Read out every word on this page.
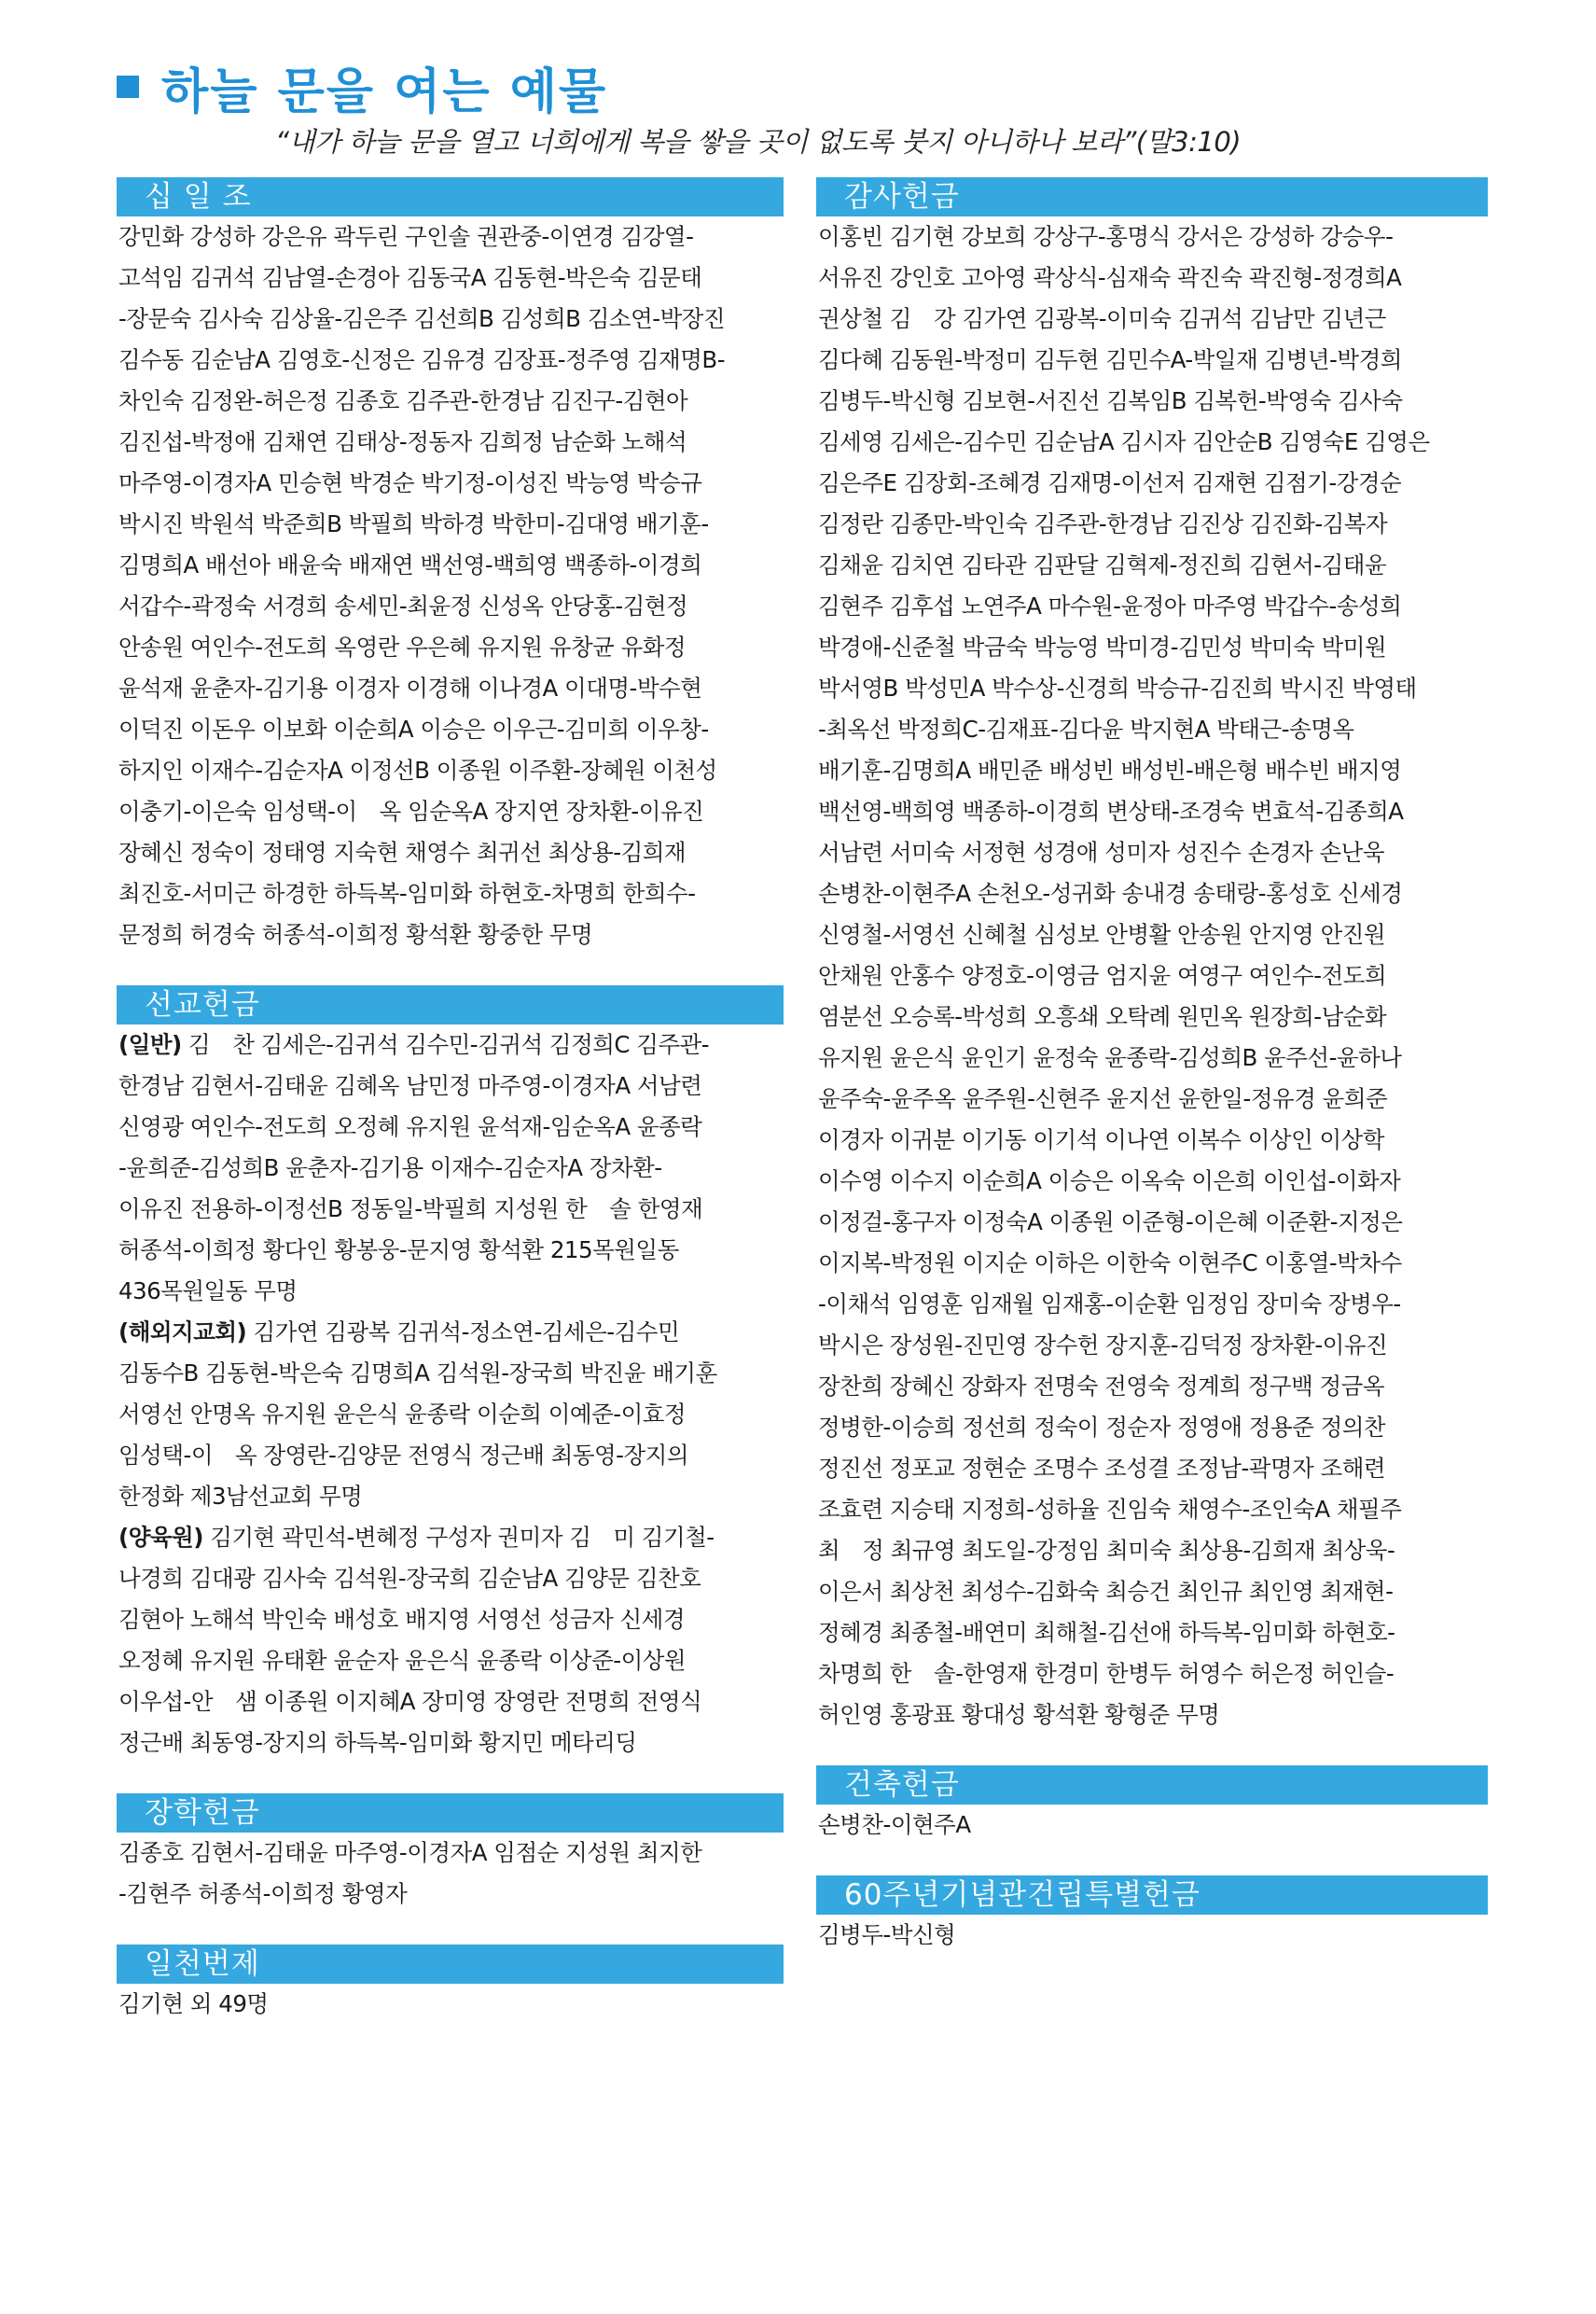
하늘 문을 여는 예물
“내가 하늘 문을 열고 너희에게 복을 쌓을 곳이 없도록 붓지 아니하나 보라”(말3:10)
십 일 조
강민화 강성하 강은유 곽두린 구인솔 권관중-이연경 김강열-
고석임 김귀석 김남열-손경아 김동국A 김동현-박은숙 김문태
-장문숙 김사숙 김상율-김은주 김선희B 김성희B 김소연-박장진
김수동 김순남A 김영호-신정은 김유경 김장표-정주영 김재명B-
차인숙 김정완-허은정 김종호 김주관-한경남 김진구-김현아
김진섭-박정애 김채연 김태상-정동자 김희정 남순화 노해석
마주영-이경자A 민승현 박경순 박기정-이성진 박능영 박승규
박시진 박원석 박준희B 박필희 박하경 박한미-김대영 배기훈-
김명희A 배선아 배윤숙 배재연 백선영-백희영 백종하-이경희
서갑수-곽정숙 서경희 송세민-최윤정 신성옥 안당홍-김현정
안송원 여인수-전도희 옥영란 우은혜 유지원 유창균 유화정
윤석재 윤춘자-김기용 이경자 이경해 이나경A 이대명-박수현
이덕진 이돈우 이보화 이순희A 이승은 이우근-김미희 이우창-
하지인 이재수-김순자A 이정선B 이종원 이주환-장혜원 이천성
이충기-이은숙 임성택-이　옥 임순옥A 장지연 장차환-이유진
장혜신 정숙이 정태영 지숙현 채영수 최귀선 최상용-김희재
최진호-서미근 하경한 하득복-임미화 하현호-차명희 한희수-
문정희 허경숙 허종석-이희정 황석환 황중한 무명
선교헌금
(일반) 김　찬 김세은-김귀석 김수민-김귀석 김정희C 김주관-
한경남 김현서-김태윤 김혜옥 남민정 마주영-이경자A 서남련
신영광 여인수-전도희 오정혜 유지원 윤석재-임순옥A 윤종락
-윤희준-김성희B 윤춘자-김기용 이재수-김순자A 장차환-
이유진 전용하-이정선B 정동일-박필희 지성원 한　솔 한영재
허종석-이희정 황다인 황봉웅-문지영 황석환 215목원일동
436목원일동 무명
(해외지교회) 김가연 김광복 김귀석-정소연-김세은-김수민
김동수B 김동현-박은숙 김명희A 김석원-장국희 박진윤 배기훈
서영선 안명옥 유지원 윤은식 윤종락 이순희 이예준-이효정
임성택-이　옥 장영란-김양문 전영식 정근배 최동영-장지의
한정화 제3남선교회 무명
(양육원) 김기현 곽민석-변혜정 구성자 권미자 김　미 김기철-
나경희 김대광 김사숙 김석원-장국희 김순남A 김양문 김찬호
김현아 노해석 박인숙 배성호 배지영 서영선 성금자 신세경
오정혜 유지원 유태환 윤순자 윤은식 윤종락 이상준-이상원
이우섭-안　샘 이종원 이지혜A 장미영 장영란 전명희 전영식
정근배 최동영-장지의 하득복-임미화 황지민 메타리딩
장학헌금
김종호 김현서-김태윤 마주영-이경자A 임점순 지성원 최지한
-김현주 허종석-이희정 황영자
일천번제
김기현 외 49명
감사헌금
이홍빈 김기현 강보희 강상구-홍명식 강서은 강성하 강승우-
서유진 강인호 고아영 곽상식-심재숙 곽진숙 곽진형-정경희A
권상철 김　강 김가연 김광복-이미숙 김귀석 김남만 김년근
김다혜 김동원-박정미 김두현 김민수A-박일재 김병년-박경희
김병두-박신형 김보현-서진선 김복임B 김복헌-박영숙 김사숙
김세영 김세은-김수민 김순남A 김시자 김안순B 김영숙E 김영은
김은주E 김장회-조혜경 김재명-이선저 김재현 김점기-강경순
김정란 김종만-박인숙 김주관-한경남 김진상 김진화-김복자
김채윤 김치연 김타관 김판달 김혁제-정진희 김현서-김태윤
김현주 김후섭 노연주A 마수원-윤정아 마주영 박갑수-송성희
박경애-신준철 박금숙 박능영 박미경-김민성 박미숙 박미원
박서영B 박성민A 박수상-신경희 박승규-김진희 박시진 박영태
-최옥선 박정희C-김재표-김다윤 박지현A 박태근-송명옥
배기훈-김명희A 배민준 배성빈 배성빈-배은형 배수빈 배지영
백선영-백희영 백종하-이경희 변상태-조경숙 변효석-김종희A
서남련 서미숙 서정현 성경애 성미자 성진수 손경자 손난욱
손병찬-이현주A 손천오-성귀화 송내경 송태랑-홍성호 신세경
신영철-서영선 신혜철 심성보 안병활 안송원 안지영 안진원
안채원 안홍수 양정호-이영금 엄지윤 여영구 여인수-전도희
염분선 오승록-박성희 오흥쇄 오탁례 원민옥 원장희-남순화
유지원 윤은식 윤인기 윤정숙 윤종락-김성희B 윤주선-윤하나
윤주숙-윤주옥 윤주원-신현주 윤지선 윤한일-정유경 윤희준
이경자 이귀분 이기동 이기석 이나연 이복수 이상인 이상학
이수영 이수지 이순희A 이승은 이옥숙 이은희 이인섭-이화자
이정걸-홍구자 이정숙A 이종원 이준형-이은혜 이준환-지정은
이지복-박정원 이지순 이하은 이한숙 이현주C 이홍열-박차수
-이채석 임영훈 임재월 임재홍-이순환 임정임 장미숙 장병우-
박시은 장성원-진민영 장수헌 장지훈-김덕정 장차환-이유진
장찬희 장혜신 장화자 전명숙 전영숙 정계희 정구백 정금옥
정병한-이승희 정선희 정숙이 정순자 정영애 정용준 정의찬
정진선 정포교 정현순 조명수 조성결 조정남-곽명자 조해련
조효련 지승태 지정희-성하율 진임숙 채영수-조인숙A 채필주
최　정 최규영 최도일-강정임 최미숙 최상용-김희재 최상욱-
이은서 최상천 최성수-김화숙 최승건 최인규 최인영 최재현-
정혜경 최종철-배연미 최해철-김선애 하득복-임미화 하현호-
차명희 한　솔-한영재 한경미 한병두 허영수 허은정 허인슬-
허인영 홍광표 황대성 황석환 황형준 무명
건축헌금
손병찬-이현주A
60주년기념관건립특별헌금
김병두-박신형
